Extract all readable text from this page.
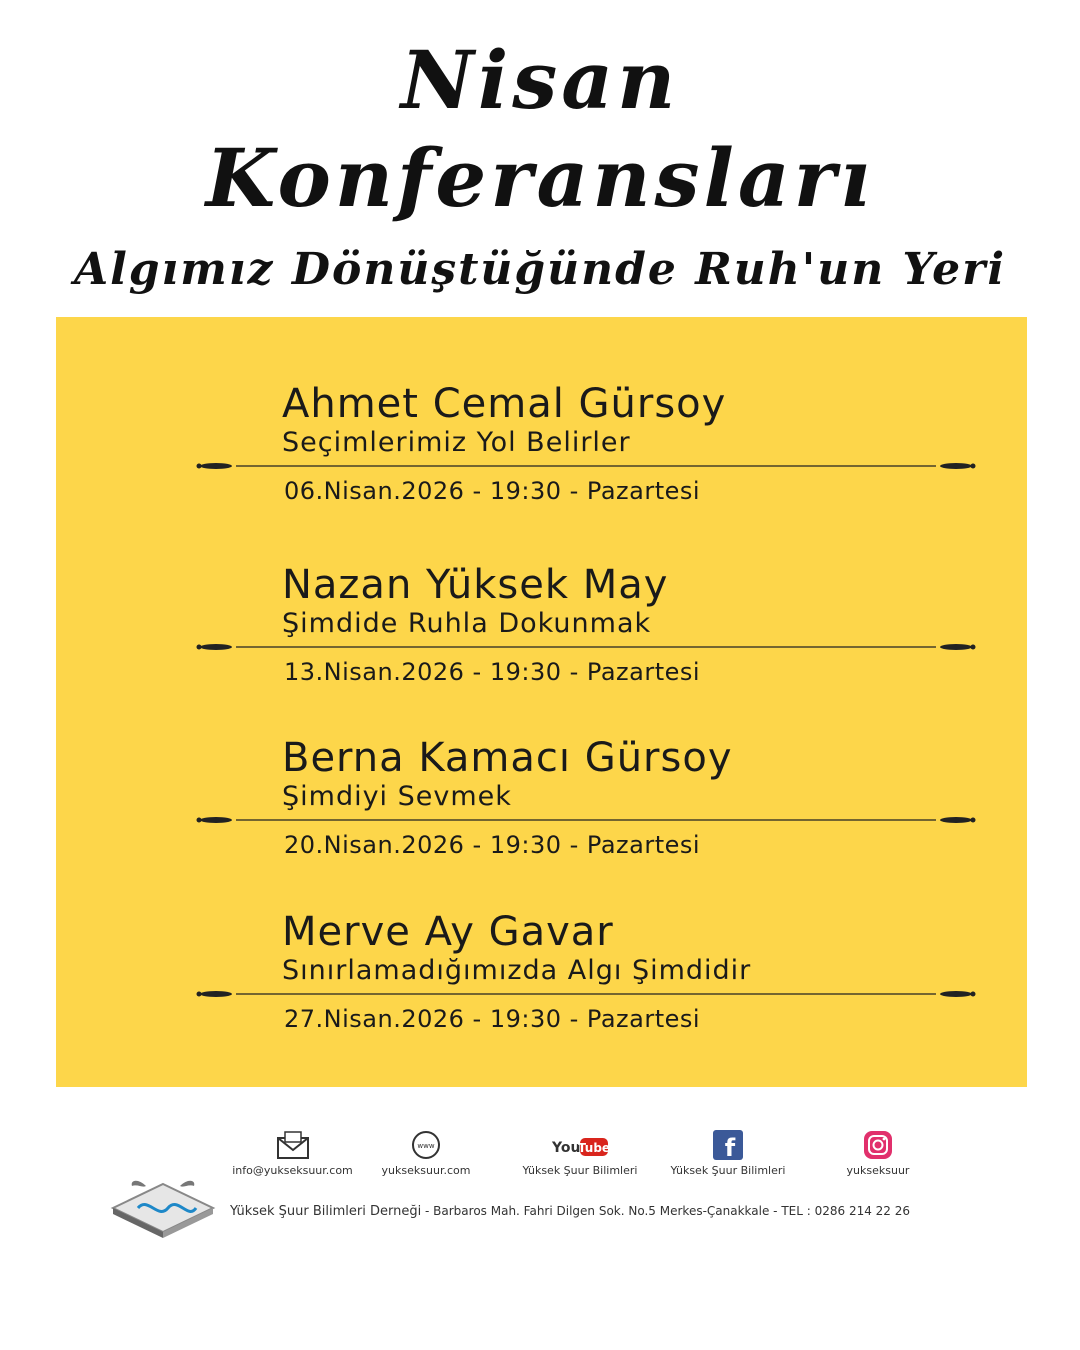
Nisan
Konferansları
Algımız Dönüştüğünde Ruh'un Yeri
Ahmet Cemal Gürsoy

Seçimlerimiz Yol Belirler

06.Nisan.2026 - 19:30 - Pazartesi

Nazan Yüksek May

Şimdide Ruhla Dokunmak

13.Nisan.2026 - 19:30 - Pazartesi

Berna Kamacı Gürsoy

Şimdiyi Sevmek

20.Nisan.2026 - 19:30 - Pazartesi

Merve Ay Gavar

Sınırlamadığımızda Algı Şimdidir

27.Nisan.2026 - 19:30 - Pazartesi

info@yukseksuur.com
www
yukseksuur.com
You
Tube
Yüksek Şuur Bilimleri
f
Yüksek Şuur Bilimleri	yukseksuur
Yüksek Şuur Bilimleri Derneği - Barbaros Mah. Fahri Dilgen Sok. No.5 Merkes-Çanakkale - TEL : 0286 214 22 26
